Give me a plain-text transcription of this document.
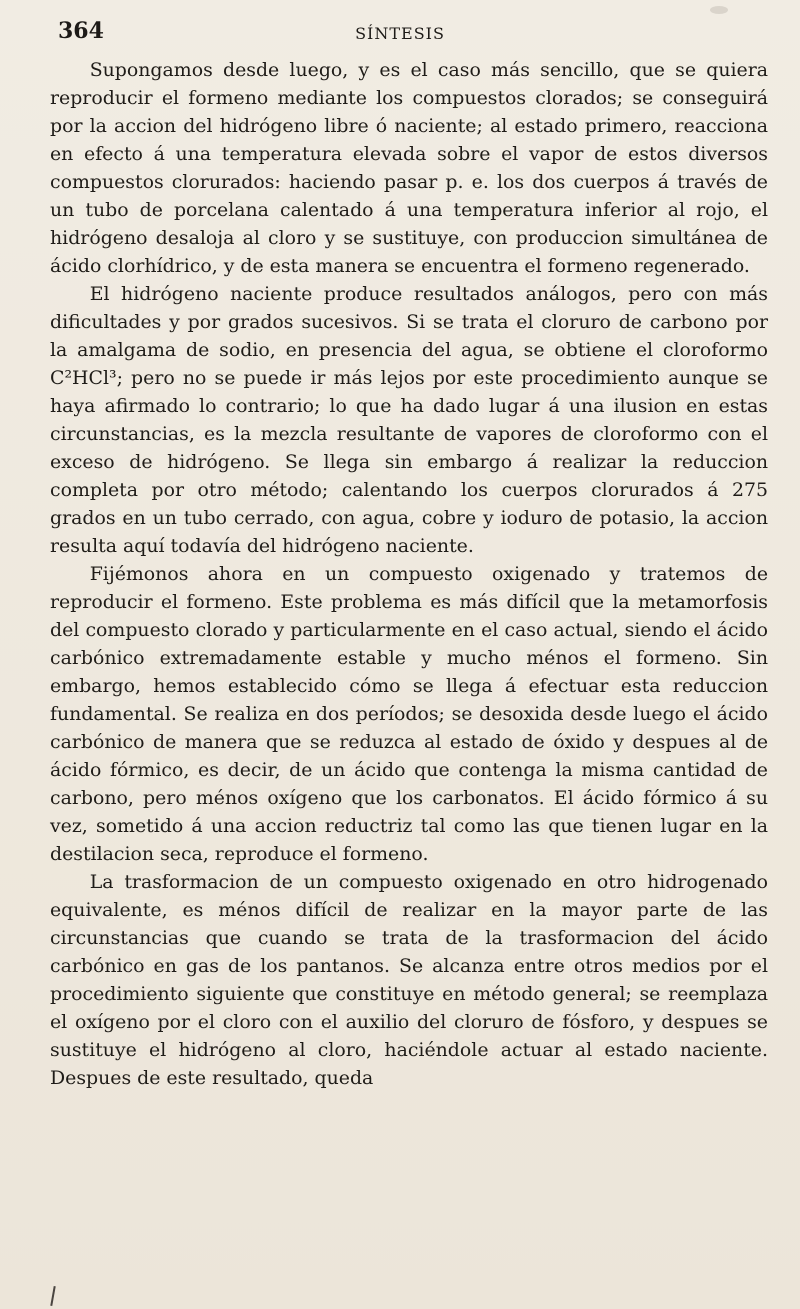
364	SÍNTESIS

Supongamos desde luego, y es el caso más sencillo, que se quiera reproducir el formeno mediante los compuestos clorados; se conseguirá por la accion del hidrógeno libre ó naciente; al estado primero, reacciona en efecto á una temperatura elevada sobre el vapor de estos diversos compuestos clorurados: haciendo pasar p. e. los dos cuerpos á través de un tubo de porcelana calentado á una temperatura inferior al rojo, el hidrógeno desaloja al cloro y se sustituye, con produccion simultánea de ácido clorhídrico, y de esta manera se encuentra el formeno regenerado.

El hidrógeno naciente produce resultados análogos, pero con más dificultades y por grados sucesivos. Si se trata el cloruro de carbono por la amalgama de sodio, en presencia del agua, se obtiene el cloroformo C²HCl³; pero no se puede ir más lejos por este procedimiento aunque se haya afirmado lo contrario; lo que ha dado lugar á una ilusion en estas circunstancias, es la mezcla resultante de vapores de cloroformo con el exceso de hidrógeno. Se llega sin embargo á realizar la reduccion completa por otro método; calentando los cuerpos clorurados á 275 grados en un tubo cerrado, con agua, cobre y ioduro de potasio, la accion resulta aquí todavía del hidrógeno naciente.

Fijémonos ahora en un compuesto oxigenado y tratemos de reproducir el formeno. Este problema es más difícil que la metamorfosis del compuesto clorado y particularmente en el caso actual, siendo el ácido carbónico extremadamente estable y mucho ménos el formeno. Sin embargo, hemos establecido cómo se llega á efectuar esta reduccion fundamental. Se realiza en dos períodos; se desoxida desde luego el ácido carbónico de manera que se reduzca al estado de óxido y despues al de ácido fórmico, es decir, de un ácido que contenga la misma cantidad de carbono, pero ménos oxígeno que los carbonatos. El ácido fórmico á su vez, sometido á una accion reductriz tal como las que tienen lugar en la destilacion seca, reproduce el formeno.

La trasformacion de un compuesto oxigenado en otro hidrogenado equivalente, es ménos difícil de realizar en la mayor parte de las circunstancias que cuando se trata de la trasformacion del ácido carbónico en gas de los pantanos. Se alcanza entre otros medios por el procedimiento siguiente que constituye en método general; se reemplaza el oxígeno por el cloro con el auxilio del cloruro de fósforo, y despues se sustituye el hidrógeno al cloro, haciéndole actuar al estado naciente. Despues de este resultado, queda
